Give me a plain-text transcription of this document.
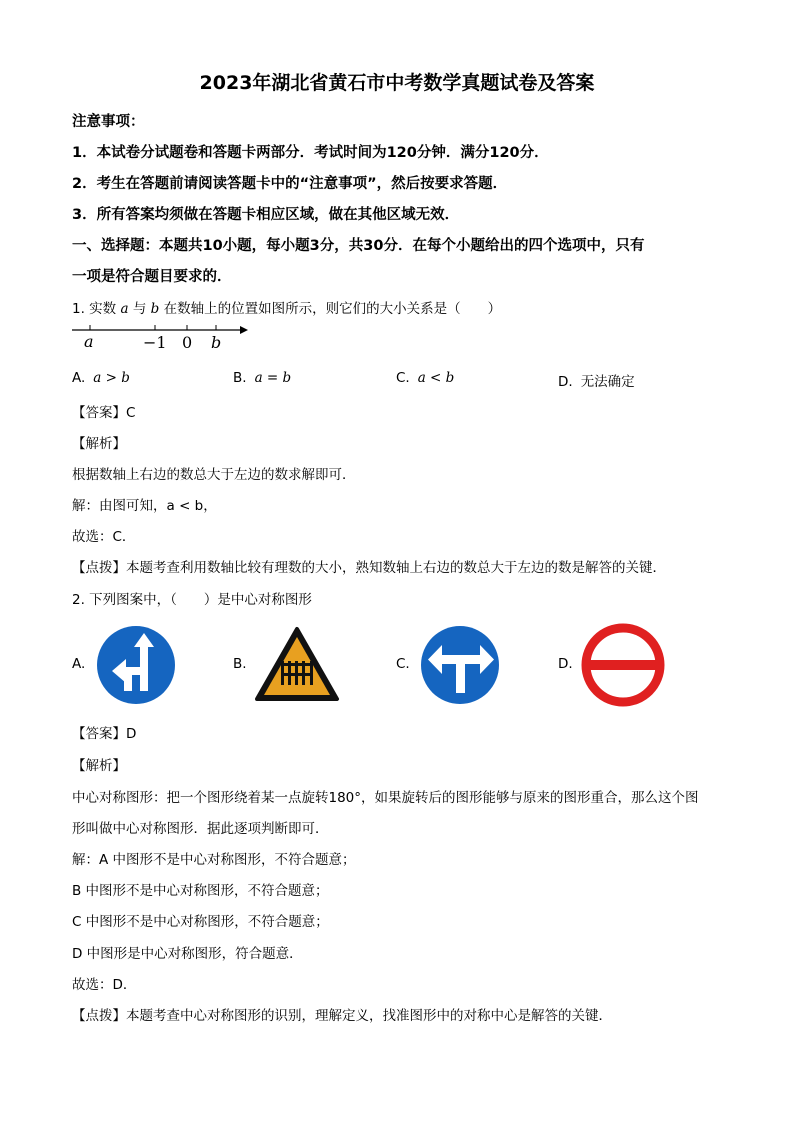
2023年湖北省黄石市中考数学真题试卷及答案
注意事项：
1．本试卷分试题卷和答题卡两部分．考试时间为120分钟．满分120分．
2．考生在答题前请阅读答题卡中的“注意事项”，然后按要求答题．
3．所有答案均须做在答题卡相应区域，做在其他区域无效．
一、选择题：本题共10小题，每小题3分，共30分．在每个小题给出的四个选项中，只有
一项是符合题目要求的．
1. 实数 a 与 b 在数轴上的位置如图所示，则它们的大小关系是（　　）
a	−1 0 b
A. a > b	B. a = b	C. a < b	D. 无法确定
【答案】C
【解析】
根据数轴上右边的数总大于左边的数求解即可．
解：由图可知，a < b，
故选：C．
【点拨】本题考查利用数轴比较有理数的大小，熟知数轴上右边的数总大于左边的数是解答的关键．
2. 下列图案中，（　　）是中心对称图形
A.	B.	C.	D.
【答案】D
【解析】
中心对称图形：把一个图形绕着某一点旋转180°，如果旋转后的图形能够与原来的图形重合，那么这个图
形叫做中心对称图形．据此逐项判断即可．
解：A 中图形不是中心对称图形，不符合题意；
B 中图形不是中心对称图形，不符合题意；
C 中图形不是中心对称图形，不符合题意；
D 中图形是中心对称图形，符合题意．
故选：D．
【点拨】本题考查中心对称图形的识别，理解定义，找准图形中的对称中心是解答的关键．
